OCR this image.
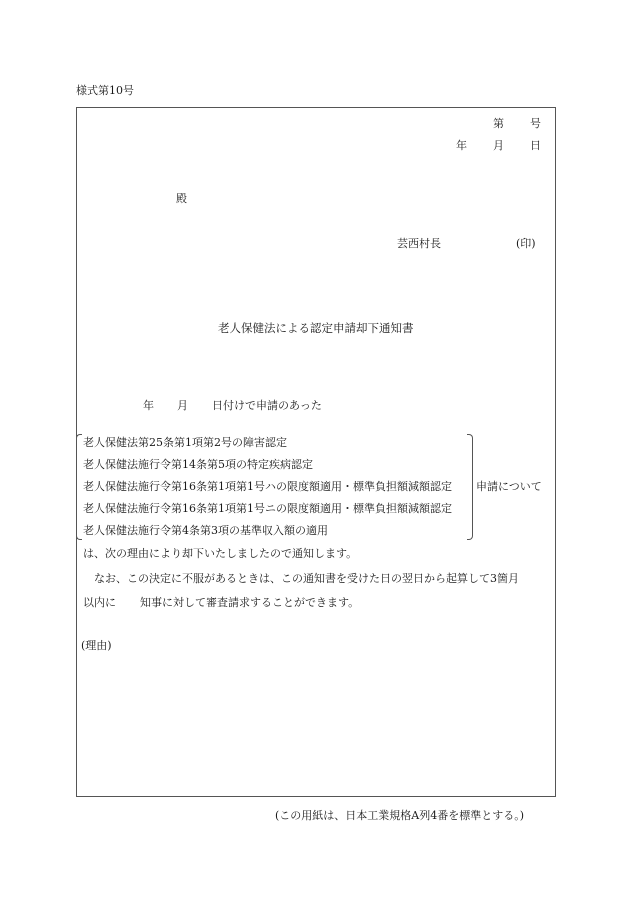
様式第10号
第 号
年 月 日
殿
芸西村長	(印)
老人保健法による認定申請却下通知書
年 月 日付けで申請のあった
老人保健法第25条第1項第2号の障害認定
老人保健法施行令第14条第5項の特定疾病認定
老人保健法施行令第16条第1項第1号ハの限度額適用・標準負担額減額認定
老人保健法施行令第16条第1項第1号ニの限度額適用・標準負担額減額認定
老人保健法施行令第4条第3項の基準収入額の適用
申請について
は、次の理由により却下いたしましたので通知します。
なお、この決定に不服があるときは、この通知書を受けた日の翌日から起算して3箇月
以内に 知事に対して審査請求することができます。
(理由)
(この用紙は、日本工業規格A列4番を標準とする。)
